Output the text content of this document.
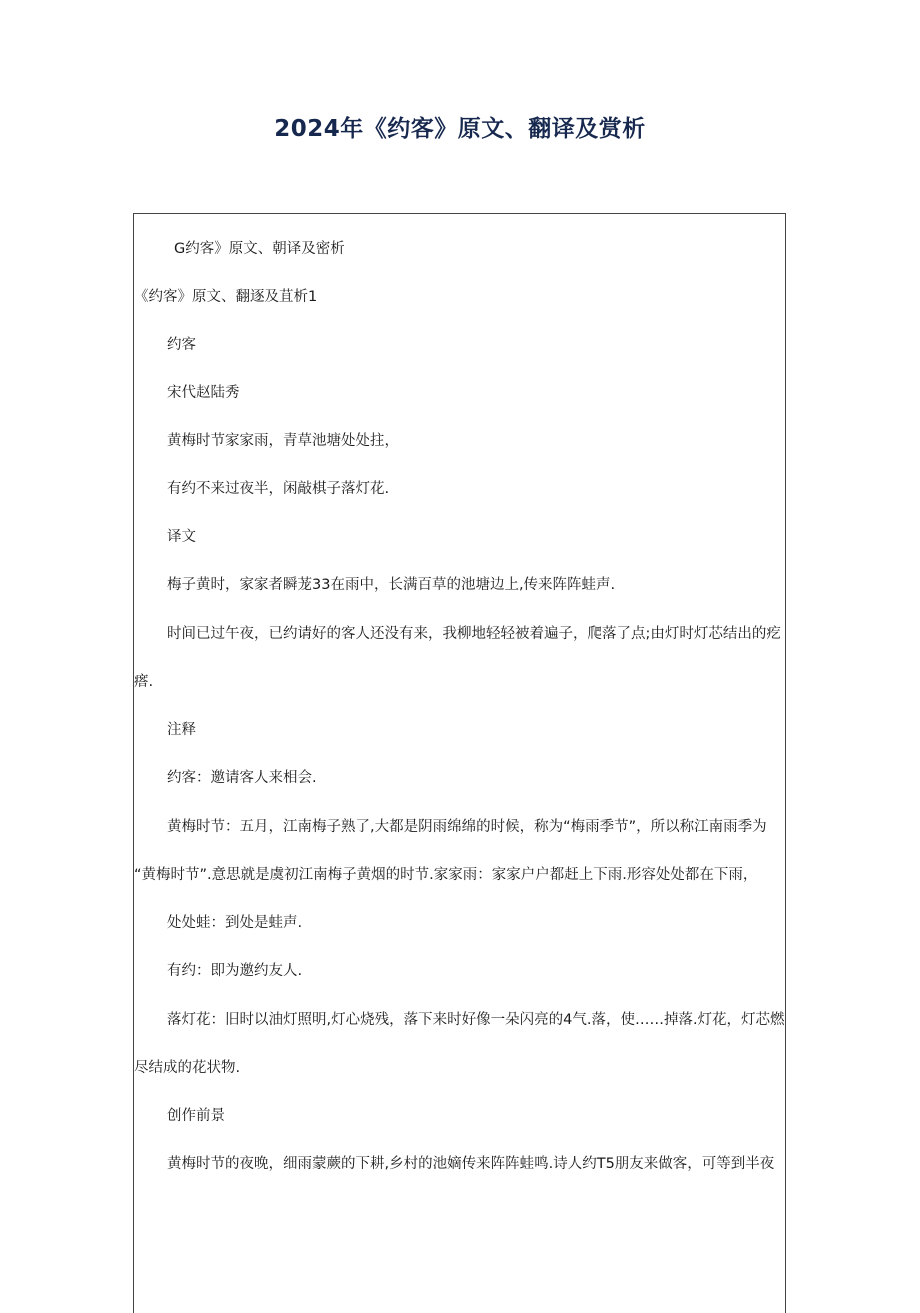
2024年《约客》原文、翻译及赏析
G约客》原文、朝译及密析
《约客》原文、翻逐及苴析1
约客
宋代赵陆秀
黄梅时节家家雨，青草池塘处处拄，
有约不来过夜半，闲敲棋子落灯花.
译文
梅子黄时，家家者瞬茏33在雨中，长满百草的池塘边上,传来阵阵蛙声.
时间已过午夜，已约请好的客人还没有来，我柳地轻轻被着遍子，爬落了点;由灯时灯芯结出的疙
瘩.
注释
约客：邀请客人来相会.
黄梅时节：五月，江南梅子熟了,大都是阴雨绵绵的时候，称为“梅雨季节”，所以称江南雨季为
“黄梅时节”.意思就是虞初江南梅子黄烟的时节.家家雨：家家户户都赶上下雨.形容处处都在下雨，
处处蛙：到处是蛙声.
有约：即为邀约友人.
落灯花：旧时以油灯照明,灯心烧残，落下来时好像一朵闪亮的4气.落，使……掉落.灯花，灯芯燃
尽结成的花状物.
创作前景
黄梅时节的夜晚，细雨蒙蕨的下耕,乡村的池嫡传来阵阵蛙鸣.诗人约T5朋友来做客，可等到半夜
